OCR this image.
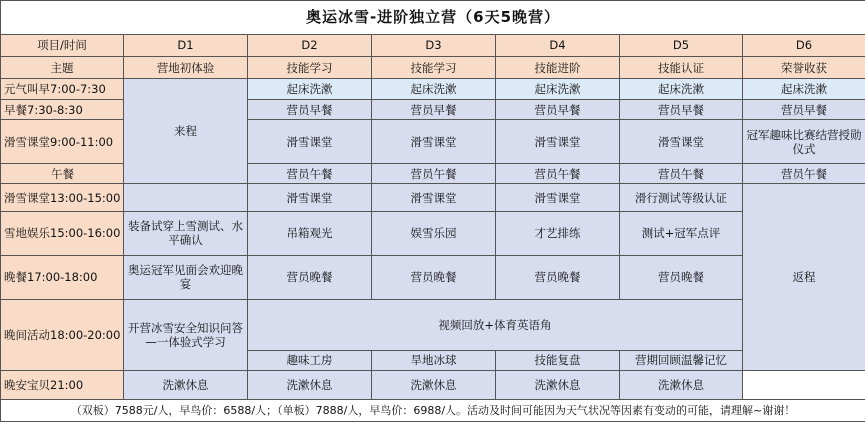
奥运冰雪-进阶独立营（6天5晚营）						
项目/时间	D1	D2	D3	D4	D5	D6
主题	营地初体验	技能学习	技能学习	技能进阶	技能认证	荣誉收获
元气叫早7:00-7:30	来程	起床洗漱	起床洗漱	起床洗漱	起床洗漱	起床洗漱
早餐7:30-8:30		营员早餐	营员早餐	营员早餐	营员早餐	营员早餐
滑雪课堂9:00-11:00		滑雪课堂	滑雪课堂	滑雪课堂	滑雪课堂	冠军趣味比赛结营授勋仪式
午餐		营员午餐	营员午餐	营员午餐	营员午餐	营员午餐
滑雪课堂13:00-15:00		滑雪课堂	滑雪课堂	滑雪课堂	滑行测试等级认证	返程
雪地娱乐15:00-16:00	装备试穿上雪测试、水平确认	吊箱观光	娱雪乐园	才艺排练	测试+冠军点评	
晚餐17:00-18:00	奥运冠军见面会欢迎晚宴	营员晚餐	营员晚餐	营员晚餐	营员晚餐	
晚间活动18:00-20:00	开营冰雪安全知识问答—一体验式学习	视频回放+体育英语角				
		趣味工房	旱地冰球	技能复盘	营期回顾温馨记忆	
晚安宝贝21:00	洗漱休息	洗漱休息	洗漱休息	洗漱休息	洗漱休息	
（双板）7588元/人，早鸟价：6588/人；（单板）7888/人，早鸟价：6988/人。活动及时间可能因为天气状况等因素有变动的可能，请理解~谢谢！						
